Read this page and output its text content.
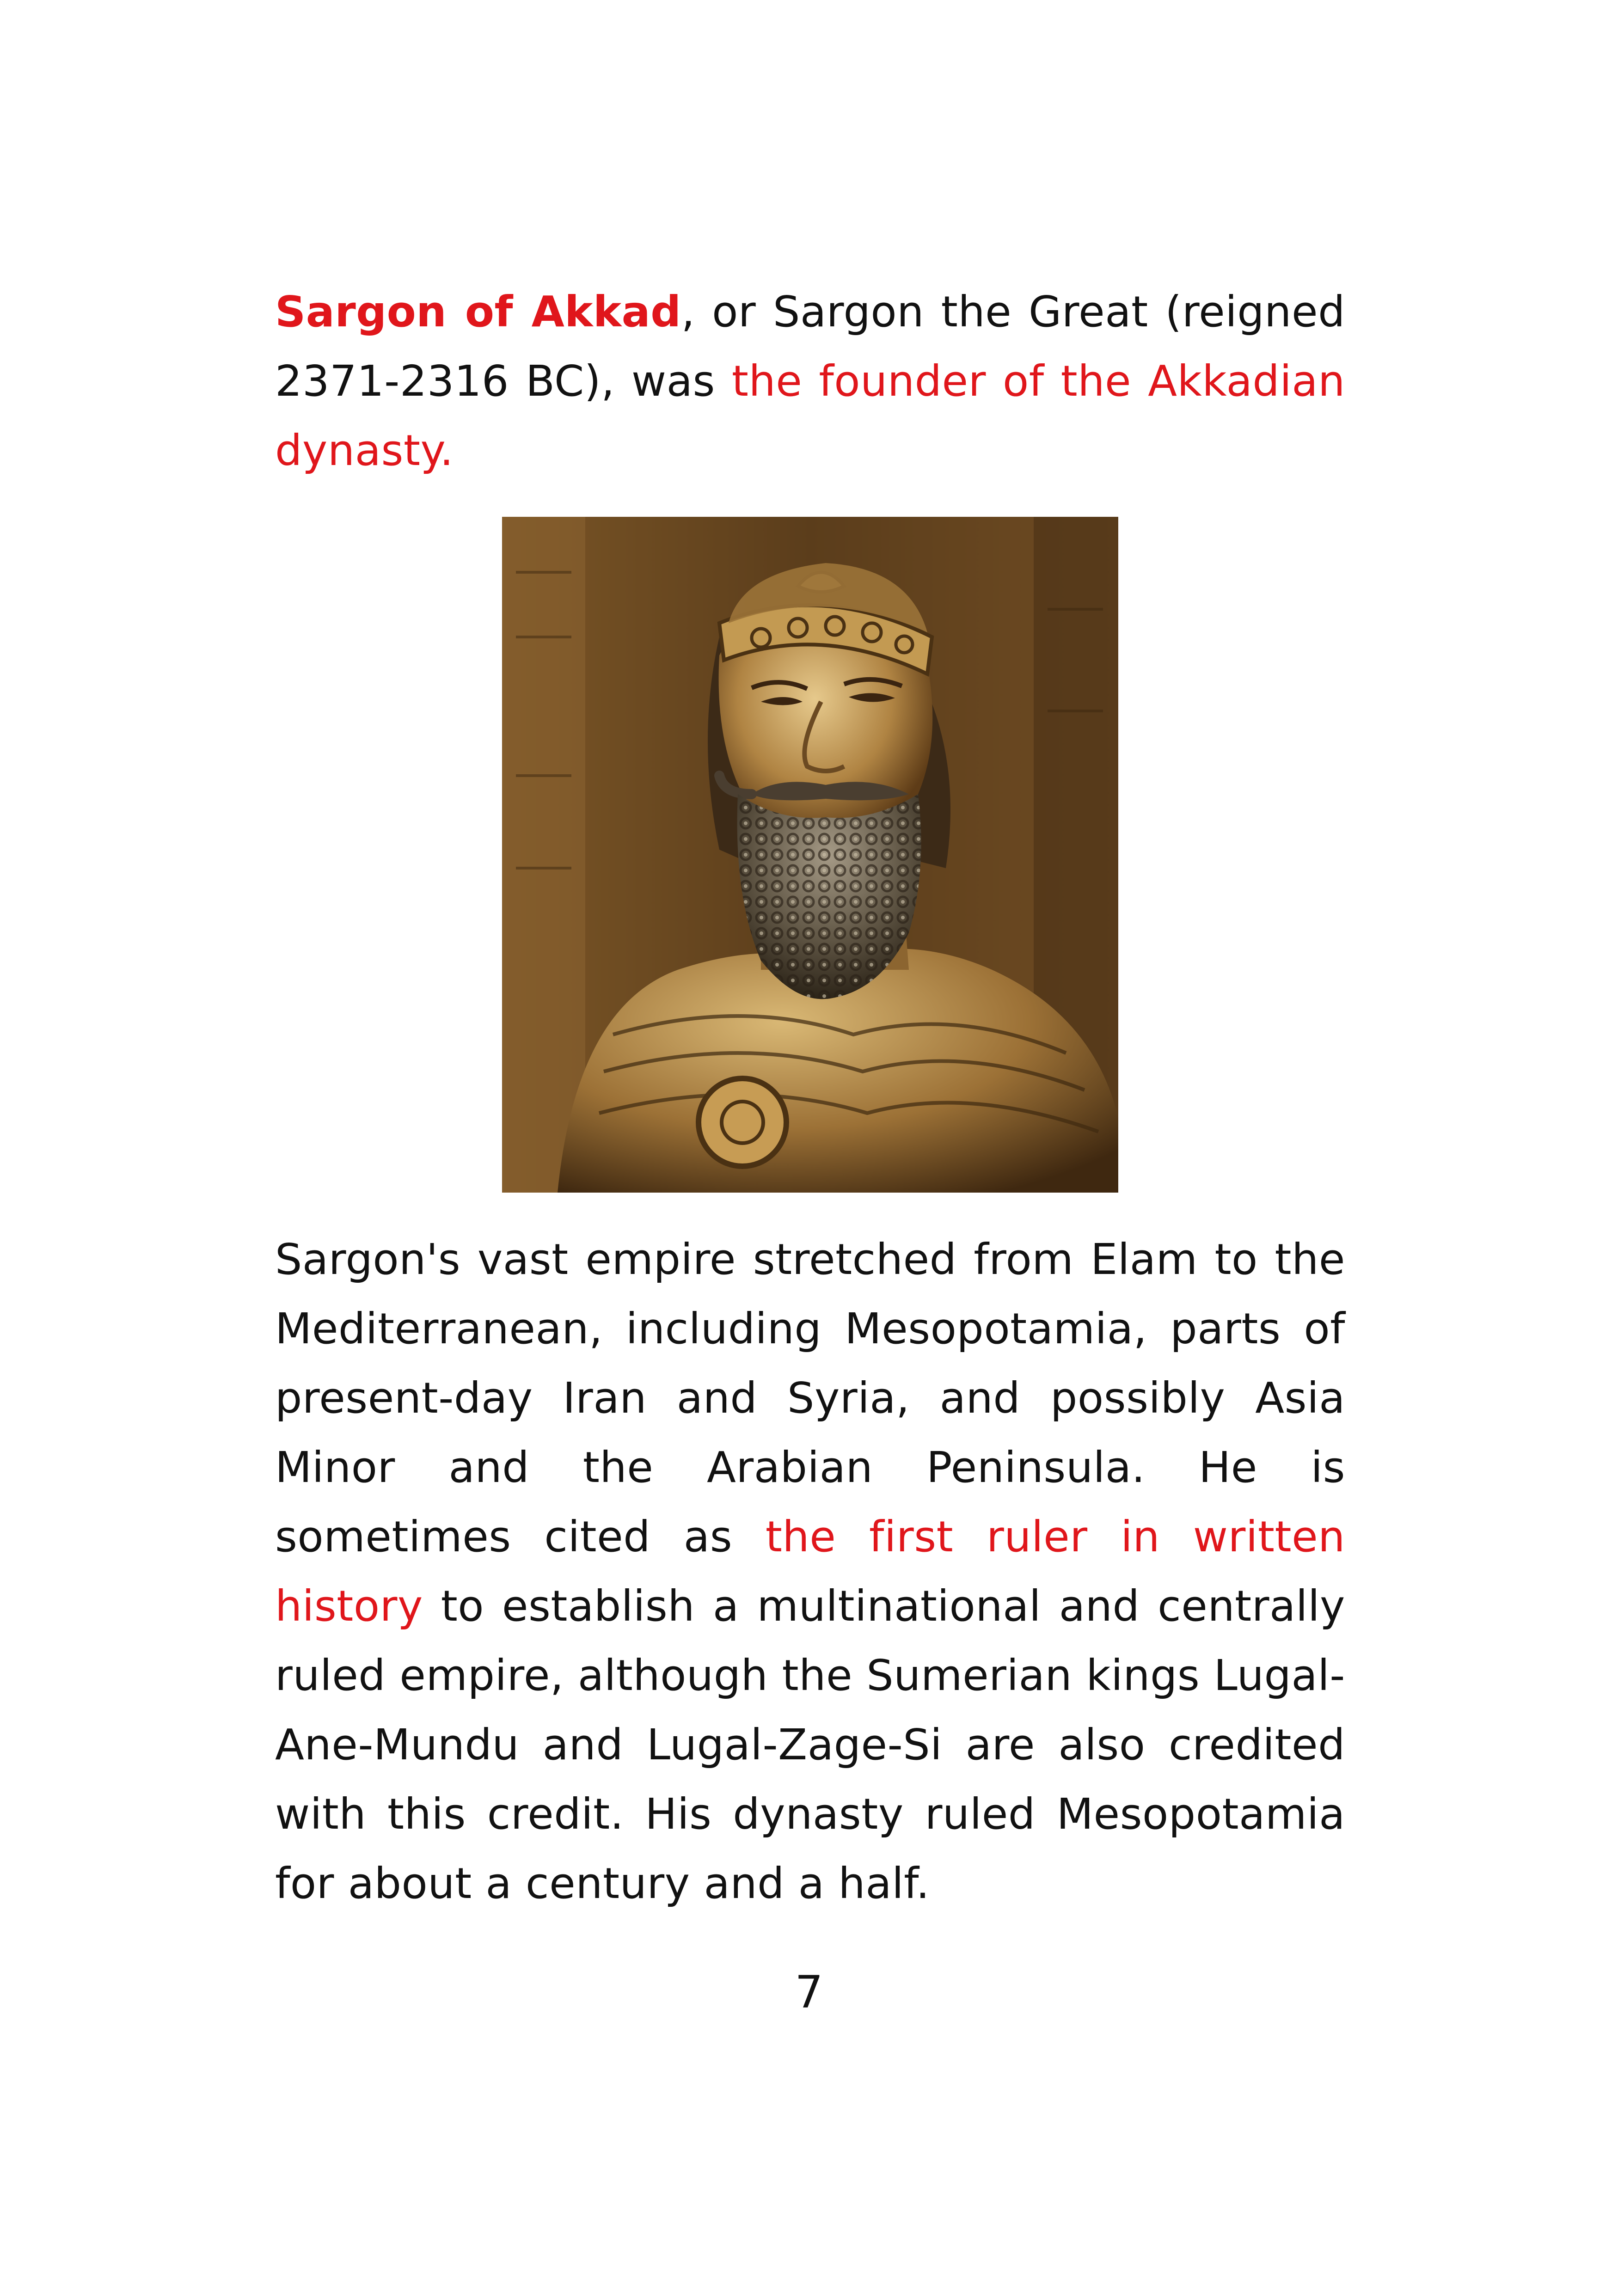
Sargon of Akkad, or Sargon the Great (reigned 2371-2316 BC), was the founder of the Akkadian dynasty.

Sargon's vast empire stretched from Elam to the Mediterranean, including Mesopotamia, parts of present-day Iran and Syria, and possibly Asia Minor and the Arabian Peninsula. He is sometimes cited as the first ruler in written history to establish a multinational and centrally ruled empire, although the Sumerian kings Lugal-Ane-Mundu and Lugal-Zage-Si are also credited with this credit. His dynasty ruled Mesopotamia for about a century and a half.

7
